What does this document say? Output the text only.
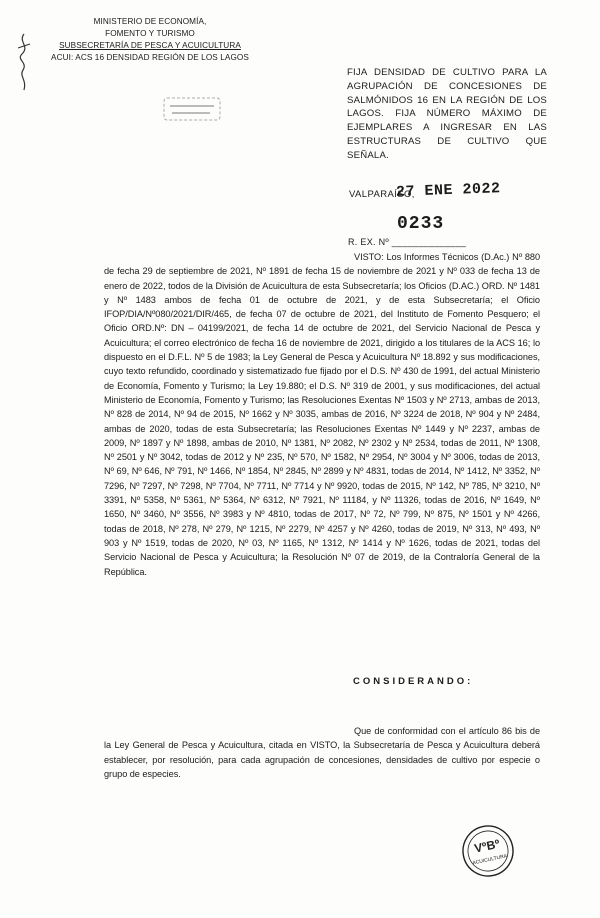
MINISTERIO DE ECONOMÍA,
FOMENTO Y TURISMO
SUBSECRETARÍA DE PESCA Y ACUICULTURA
ACUI: ACS 16 DENSIDAD REGIÓN DE LOS LAGOS
FIJA DENSIDAD DE CULTIVO PARA LA AGRUPACIÓN DE CONCESIONES DE SALMÓNIDOS 16 EN LA REGIÓN DE LOS LAGOS. FIJA NÚMERO MÁXIMO DE EJEMPLARES A INGRESAR EN LAS ESTRUCTURAS DE CULTIVO QUE SEÑALA.
VALPARAÍSO,
27 ENE 2022
0233
R. EX. Nº ______________

VISTO: Los Informes Técnicos (D.Ac.) Nº 880 de fecha 29 de septiembre de 2021, Nº 1891 de fecha 15 de noviembre de 2021 y Nº 033 de fecha 13 de enero de 2022, todos de la División de Acuicultura de esta Subsecretaría; los Oficios (D.AC.) ORD. Nº 1481 y Nº 1483 ambos de fecha 01 de octubre de 2021, y de esta Subsecretaría; el Oficio IFOP/DIA/Nº080/2021/DIR/465, de fecha 07 de octubre de 2021, del Instituto de Fomento Pesquero; el Oficio ORD.Nº: DN – 04199/2021, de fecha 14 de octubre de 2021, del Servicio Nacional de Pesca y Acuicultura; el correo electrónico de fecha 16 de noviembre de 2021, dirigido a los titulares de la ACS 16; lo dispuesto en el D.F.L. Nº 5 de 1983; la Ley General de Pesca y Acuicultura Nº 18.892 y sus modificaciones, cuyo texto refundido, coordinado y sistematizado fue fijado por el D.S. Nº 430 de 1991, del actual Ministerio de Economía, Fomento y Turismo; la Ley 19.880; el D.S. Nº 319 de 2001, y sus modificaciones, del actual Ministerio de Economía, Fomento y Turismo; las Resoluciones Exentas Nº 1503 y Nº 2713, ambas de 2013, Nº 828 de 2014, Nº 94 de 2015, Nº 1662 y Nº 3035, ambas de 2016, Nº 3224 de 2018, Nº 904 y Nº 2484, ambas de 2020, todas de esta Subsecretaría; las Resoluciones Exentas Nº 1449 y Nº 2237, ambas de 2009, Nº 1897 y Nº 1898, ambas de 2010, Nº 1381, Nº 2082, Nº 2302 y Nº 2534, todas de 2011, Nº 1308, Nº 2501 y Nº 3042, todas de 2012 y Nº 235, Nº 570, Nº 1582, Nº 2954, Nº 3004 y Nº 3006, todas de 2013, Nº 69, Nº 646, Nº 791, Nº 1466, Nº 1854, Nº 2845, Nº 2899 y Nº 4831, todas de 2014, Nº 1412, Nº 3352, Nº 7296, Nº 7297, Nº 7298, Nº 7704, Nº 7711, Nº 7714 y Nº 9920, todas de 2015, Nº 142, Nº 785, Nº 3210, Nº 3391, Nº 5358, Nº 5361, Nº 5364, Nº 6312, Nº 7921, Nº 11184, y Nº 11326, todas de 2016, Nº 1649, Nº 1650, Nº 3460, Nº 3556, Nº 3983 y Nº 4810, todas de 2017, Nº 72, Nº 799, Nº 875, Nº 1501 y Nº 4266, todas de 2018, Nº 278, Nº 279, Nº 1215, Nº 2279, Nº 4257 y Nº 4260, todas de 2019, Nº 313, Nº 493, Nº 903 y Nº 1519, todas de 2020, Nº 03, Nº 1165, Nº 1312, Nº 1414 y Nº 1626, todas de 2021, todas del Servicio Nacional de Pesca y Acuicultura; la Resolución Nº 07 de 2019, de la Contraloría General de la República.

CONSIDERANDO:

Que de conformidad con el artículo 86 bis de la Ley General de Pesca y Acuicultura, citada en VISTO, la Subsecretaría de Pesca y Acuicultura deberá establecer, por resolución, para cada agrupación de concesiones, densidades de cultivo por especie o grupo de especies.

VºBº
ACUICULTURA
